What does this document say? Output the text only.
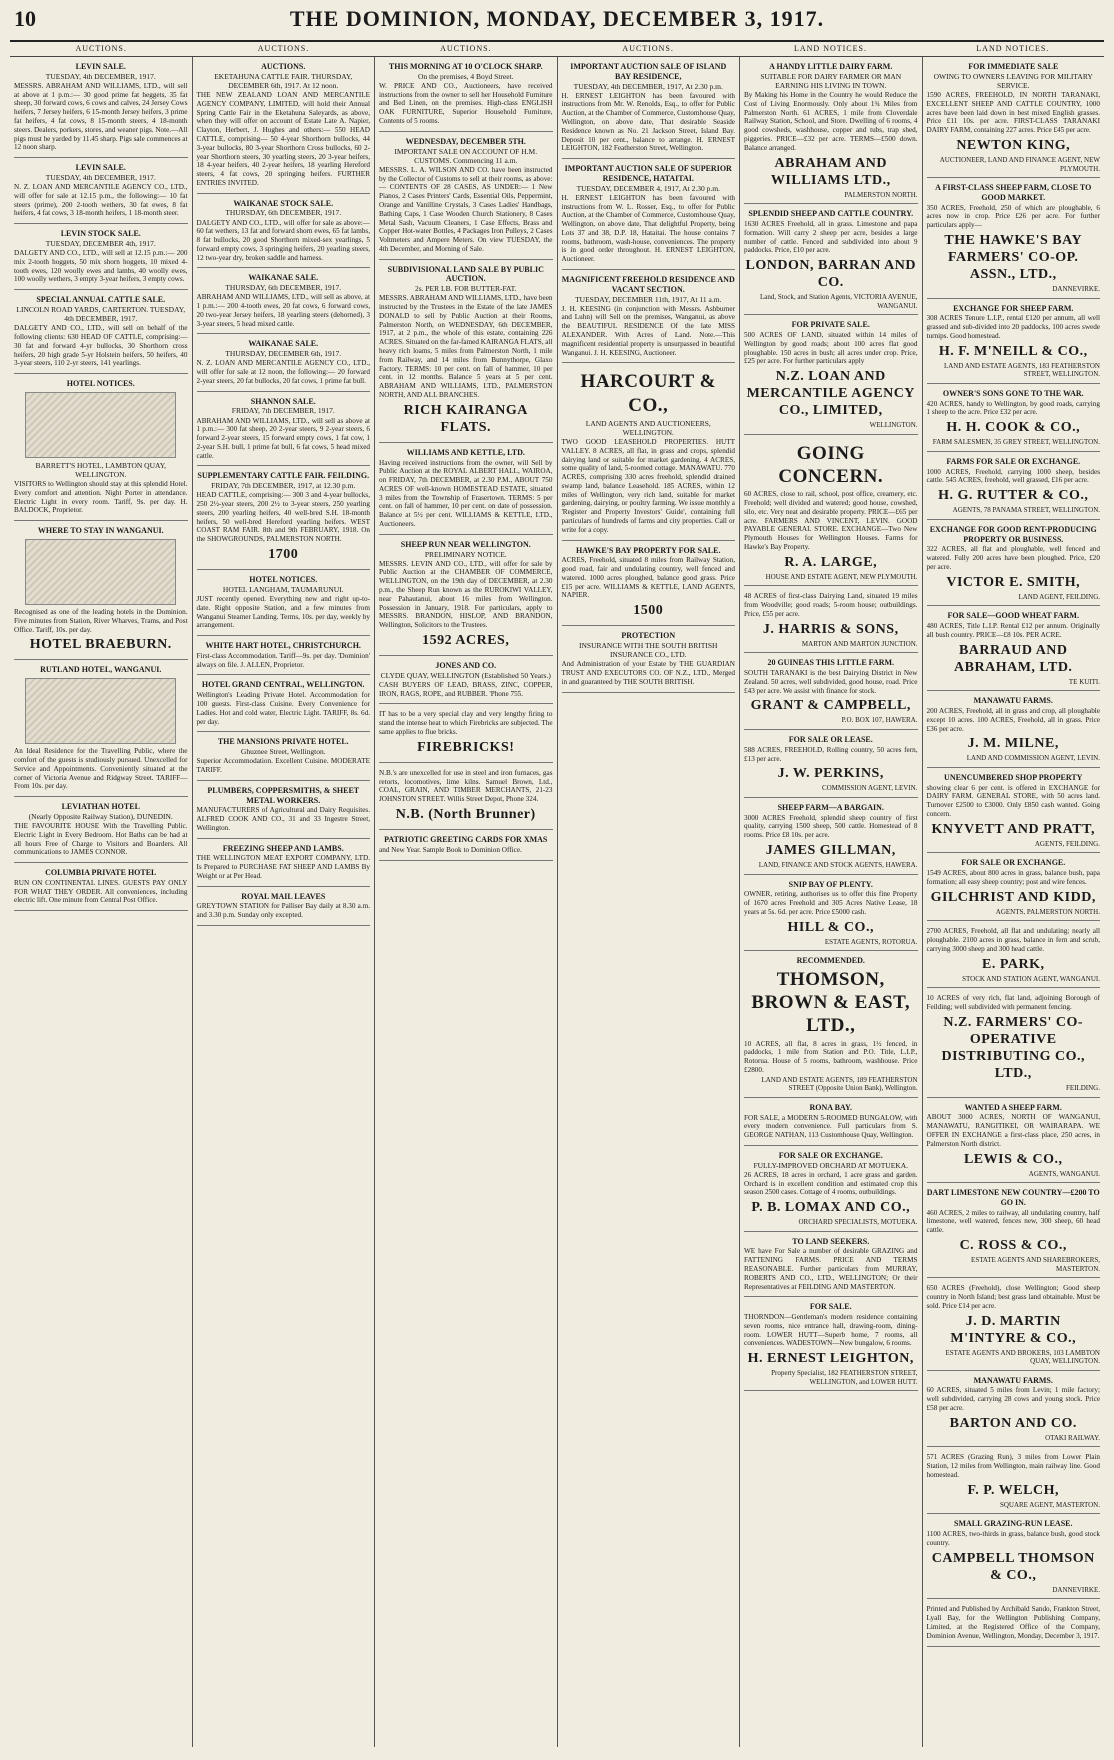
10	THE DOMINION, MONDAY, DECEMBER 3, 1917.
AUCTIONS.	AUCTIONS.	AUCTIONS.	AUCTIONS.	LAND NOTICES.	LAND NOTICES.
LEVIN SALE.
TUESDAY, 4th DECEMBER, 1917.

MESSRS. ABRAHAM AND WILLIAMS, LTD., will sell at above at 1 p.m.:— 30 good prime fat heggets, 35 fat sheep, 30 forward cows, 6 cows and calves, 24 Jersey Cows heifers, 7 Jersey heifers, 6 15-month Jersey heifers, 3 prime fat heifers, 4 fat cows, 8 15-month steers, 4 18-month steers. Dealers, porkers, stores, and weaner pigs. Note.—All pigs must be yarded by 11.45 sharp. Pigs sale commences at 12 noon sharp.

LEVIN SALE.
TUESDAY, 4th DECEMBER, 1917.

N. Z. LOAN AND MERCANTILE AGENCY CO., LTD., will offer for sale at 12.15 p.m., the following:— 10 fat steers (prime), 200 2-tooth wethers, 30 fat ewes, 8 fat heifers, 4 fat cows, 3 18-month heifers, 1 18-month steer.

LEVIN STOCK SALE.
TUESDAY, DECEMBER 4th, 1917.

DALGETY AND CO., LTD., will sell at 12.15 p.m.:— 200 mix 2-tooth hoggets, 50 mix shorn hoggets, 10 mixed 4-tooth ewes, 120 woolly ewes and lambs, 40 woolly ewes, 100 woolly wethers, 3 empty 3-year heifers, 3 empty cows.

SPECIAL ANNUAL CATTLE SALE.
LINCOLN ROAD YARDS, CARTERTON. TUESDAY, 4th DECEMBER, 1917.

DALGETY AND CO., LTD., will sell on behalf of the following clients: 630 HEAD OF CATTLE, comprising:— 30 fat and forward 4-yr bullocks, 30 Shorthorn cross heifers, 20 high grade 5-yr Holstein heifers, 50 heifers, 40 3-year steers, 110 2-yr steers, 141 yearlings.

HOTEL NOTICES.
BARRETT'S HOTEL, LAMBTON QUAY, WELLINGTON.

VISITORS to Wellington should stay at this splendid Hotel. Every comfort and attention. Night Porter in attendance. Electric Light in every room. Tariff, 9s. per day. H. BALDOCK, Proprietor.

WHERE TO STAY IN WANGANUI.

Recognised as one of the leading hotels in the Dominion. Five minutes from Station, River Wharves, Trams, and Post Office. Tariff, 10s. per day.

HOTEL BRAEBURN.
RUTLAND HOTEL, WANGANUI.

An Ideal Residence for the Travelling Public, where the comfort of the guests is studiously pursued. Unexcelled for Service and Appointments. Conveniently situated at the corner of Victoria Avenue and Ridgway Street. TARIFF—From 10s. per day.

LEVIATHAN HOTEL
(Nearly Opposite Railway Station), DUNEDIN.

THE FAVOURITE HOUSE With the Travelling Public. Electric Light in Every Bedroom. Hot Baths can be had at all hours Free of Charge to Visitors and Boarders. All communications to JAMES CONNOR.

COLUMBIA PRIVATE HOTEL

RUN ON CONTINENTAL LINES. GUESTS PAY ONLY FOR WHAT THEY ORDER. All conveniences, including electric lift. One minute from Central Post Office.

AUCTIONS.
EKETAHUNA CATTLE FAIR. THURSDAY, DECEMBER 6th, 1917. At 12 noon.

THE NEW ZEALAND LOAN AND MERCANTILE AGENCY COMPANY, LIMITED, will hold their Annual Spring Cattle Fair in the Eketahuna Saleyards, as above, when they will offer on account of Estate Late A. Napier, Clayton, Herbert, J. Hughes and others:— 550 HEAD CATTLE, comprising— 50 4-year Shorthorn bullocks, 44 3-year bullocks, 80 3-year Shorthorn Cross bullocks, 60 2-year Shorthorn steers, 30 yearling steers, 20 3-year heifers, 18 4-year heifers, 40 2-year heifers, 18 yearling Hereford steers, 4 fat cows, 20 springing heifers. FURTHER ENTRIES INVITED.

WAIKANAE STOCK SALE.
THURSDAY, 6th DECEMBER, 1917.

DALGETY AND CO., LTD., will offer for sale as above:— 60 fat wethers, 13 fat and forward shorn ewes, 65 fat lambs, 8 fat bullocks, 20 good Shorthorn mixed-sex yearlings, 5 forward empty cows, 3 springing heifers, 20 yearling steers, 12 two-year dry, broken saddle and harness.

WAIKANAE SALE.
THURSDAY, 6th DECEMBER, 1917.

ABRAHAM AND WILLIAMS, LTD., will sell as above, at 1 p.m.:— 200 4-tooth ewes, 20 fat cows, 6 forward cows, 20 two-year Jersey heifers, 18 yearling steers (dehorned), 3 3-year steers, 5 head mixed cattle.

WAIKANAE SALE.
THURSDAY, DECEMBER 6th, 1917.

N. Z. LOAN AND MERCANTILE AGENCY CO., LTD., will offer for sale at 12 noon, the following:— 20 forward 2-year steers, 20 fat bullocks, 20 fat cows, 1 prime fat bull.

SHANNON SALE.
FRIDAY, 7th DECEMBER, 1917.

ABRAHAM AND WILLIAMS, LTD., will sell as above at 1 p.m.:— 300 fat sheep, 20 2-year steers, 9 2-year steers, 6 forward 2-year steers, 15 forward empty cows, 1 fat cow, 1 2-year S.H. bull, 1 prime fat bull, 6 fat cows, 5 head mixed cattle.

SUPPLEMENTARY CATTLE FAIR. FEILDING.
FRIDAY, 7th DECEMBER, 1917, at 12.30 p.m.

HEAD CATTLE, comprising:— 300 3 and 4-year bullocks, 250 2½-year steers, 200 2½ to 3-year steers, 250 yearling steers, 200 yearling heifers, 40 well-bred S.H. 18-month heifers, 50 well-bred Hereford yearling heifers. WEST COAST RAM FAIR. 8th and 9th FEBRUARY, 1918. On the SHOWGROUNDS, PALMERSTON NORTH.

1700
HOTEL NOTICES.
HOTEL LANGHAM, TAUMARUNUI.

JUST recently opened. Everything new and right up-to-date. Right opposite Station, and a few minutes from Wanganui Steamer Landing. Terms, 10s. per day, weekly by arrangement.

WHITE HART HOTEL, CHRISTCHURCH.

First-class Accommodation. Tariff—9s. per day. 'Dominion' always on file. J. ALLEN, Proprietor.

HOTEL GRAND CENTRAL, WELLINGTON.

Wellington's Leading Private Hotel. Accommodation for 100 guests. First-class Cuisine. Every Convenience for Ladies. Hot and cold water, Electric Light. TARIFF, 8s. 6d. per day.

THE MANSIONS PRIVATE HOTEL.
Ghuznee Street, Wellington.

Superior Accommodation. Excellent Cuisine. MODERATE TARIFF.

PLUMBERS, COPPERSMITHS, & SHEET METAL WORKERS.

MANUFACTURERS of Agricultural and Dairy Requisites. ALFRED COOK AND CO., 31 and 33 Ingestre Street, Wellington.

FREEZING SHEEP AND LAMBS.

THE WELLINGTON MEAT EXPORT COMPANY, LTD. Is Prepared to PURCHASE FAT SHEEP AND LAMBS By Weight or at Per Head.

ROYAL MAIL LEAVES

GREYTOWN STATION for Palliser Bay daily at 8.30 a.m. and 3.30 p.m. Sunday only excepted.

THIS MORNING AT 10 O'CLOCK SHARP.
On the premises, 4 Boyd Street.

W. PRICE AND CO., Auctioneers, have received instructions from the owner to sell her Household Furniture and Bed Linen, on the premises. High-class ENGLISH OAK FURNITURE, Superior Household Furniture, Contents of 5 rooms.

WEDNESDAY, DECEMBER 5TH.
IMPORTANT SALE ON ACCOUNT OF H.M. CUSTOMS. Commencing 11 a.m.

MESSRS. L. A. WILSON AND CO. have been instructed by the Collector of Customs to sell at their rooms, as above:— CONTENTS OF 28 CASES, AS UNDER:— 1 New Pianos, 2 Cases Printers' Cards, Essential Oils, Peppermint, Orange and Vanilline Crystals, 3 Cases Ladies' Handbags, Bathing Caps, 1 Case Wooden Church Stationery, 8 Cases Metal Sash, Vacuum Cleaners, 1 Case Effects, Brass and Copper Hot-water Bottles, 4 Packages Iron Pulleys, 2 Cases Voltmeters and Ampere Meters. On view TUESDAY, the 4th December, and Morning of Sale.

SUBDIVISIONAL LAND SALE BY PUBLIC AUCTION.
2s. PER LB. FOR BUTTER-FAT.

MESSRS. ABRAHAM AND WILLIAMS, LTD., have been instructed by the Trustees in the Estate of the late JAMES DONALD to sell by Public Auction at their Rooms, Palmerston North, on WEDNESDAY, 6th DECEMBER, 1917, at 2 p.m., the whole of this estate, containing 226 ACRES. Situated on the far-famed KAIRANGA FLATS, all heavy rich loams, 5 miles from Palmerston North, 1 mile from Railway, and 14 miles from Bunnythorpe, Glaxo Factory. TERMS: 10 per cent. on fall of hammer, 10 per cent. in 12 months. Balance 5 years at 5 per cent. ABRAHAM AND WILLIAMS, LTD., PALMERSTON NORTH, AND ALL BRANCHES.

RICH KAIRANGA FLATS.
WILLIAMS AND KETTLE, LTD.

Having received instructions from the owner, will Sell by Public Auction at the ROYAL ALBERT HALL, WAIROA, on FRIDAY, 7th DECEMBER, at 2.30 P.M., ABOUT 750 ACRES OF well-known HOMESTEAD ESTATE, situated 3 miles from the Township of Frasertown. TERMS: 5 per cent. on fall of hammer, 10 per cent. on date of possession. Balance at 5½ per cent. WILLIAMS & KETTLE, LTD., Auctioneers.

SHEEP RUN NEAR WELLINGTON.
PRELIMINARY NOTICE.

MESSRS. LEVIN AND CO., LTD., will offer for sale by Public Auction at the CHAMBER OF COMMERCE, WELLINGTON, on the 19th day of DECEMBER, at 2.30 p.m., the Sheep Run known as the RUROKIWI VALLEY, near Pahautanui, about 16 miles from Wellington. Possession in January, 1918. For particulars, apply to MESSRS. BRANDON, HISLOP, AND BRANDON, Wellington, Solicitors to the Trustees.

1592 ACRES,
JONES AND CO.
CLYDE QUAY, WELLINGTON (Established 50 Years.)

CASH BUYERS OF LEAD, BRASS, ZINC, COPPER, IRON, RAGS, ROPE, and RUBBER. 'Phone 755.

IT has to be a very special clay and very lengthy firing to stand the intense heat to which Firebricks are subjected. The same applies to flue bricks.

FIREBRICKS!

N.B.'s are unexcelled for use in steel and iron furnaces, gas retorts, locomotives, lime kilns. Samuel Brown, Ltd., COAL, GRAIN, AND TIMBER MERCHANTS, 21-23 JOHNSTON STREET. Willis Street Depot, Phone 324.

N.B. (North Brunner)
PATRIOTIC GREETING CARDS FOR XMAS

and New Year. Sample Book to Dominion Office.

IMPORTANT AUCTION SALE OF ISLAND BAY RESIDENCE,
TUESDAY, 4th DECEMBER, 1917, At 2.30 p.m.

H. ERNEST LEIGHTON has been favoured with instructions from Mr. W. Renolds, Esq., to offer for Public Auction, at the Chamber of Commerce, Customhouse Quay, Wellington, on above date, That desirable Seaside Residence known as No. 21 Jackson Street, Island Bay. Deposit 10 per cent., balance to arrange. H. ERNEST LEIGHTON, 182 Featherston Street, Wellington.

IMPORTANT AUCTION SALE OF SUPERIOR RESIDENCE, HATAITAI.
TUESDAY, DECEMBER 4, 1917, At 2.30 p.m.

H. ERNEST LEIGHTON has been favoured with instructions from W. L. Rosser, Esq., to offer for Public Auction, at the Chamber of Commerce, Customhouse Quay, Wellington, on above date, That delightful Property, being Lots 37 and 38, D.P. 18, Hataitai. The house contains 7 rooms, bathroom, wash-house, conveniences. The property is in good order throughout. H. ERNEST LEIGHTON, Auctioneer.

MAGNIFICENT FREEHOLD RESIDENCE AND VACANT SECTION.
TUESDAY, DECEMBER 11th, 1917, At 11 a.m.

J. H. KEESING (in conjunction with Messrs. Ashburner and Luhn) will Sell on the premises, Wanganui, as above the BEAUTIFUL RESIDENCE Of the late MISS ALEXANDER. With Acres of Land. Note.—This magnificent residential property is unsurpassed in beautiful Wanganui. J. H. KEESING, Auctioneer.

HARCOURT & CO.,
LAND AGENTS AND AUCTIONEERS, WELLINGTON.

TWO GOOD LEASEHOLD PROPERTIES. HUTT VALLEY. 8 ACRES, all flat, in grass and crops, splendid dairying land or suitable for market gardening. 4 ACRES, some quality of land, 5-roomed cottage. MANAWATU. 770 ACRES, comprising 330 acres freehold, splendid drained swamp land, balance Leasehold. 185 ACRES, within 12 miles of Wellington, very rich land, suitable for market gardening, dairying, or poultry farming. We issue monthly a 'Register and Property Investors' Guide', containing full particulars of hundreds of farms and city properties. Call or write for a copy.

HAWKE'S BAY PROPERTY FOR SALE.

ACRES, Freehold, situated 8 miles from Railway Station, good road, fair and undulating country, well fenced and watered. 1000 acres ploughed, balance good grass. Price £15 per acre. WILLIAMS & KETTLE, LAND AGENTS, NAPIER.

1500
PROTECTION
INSURANCE WITH THE SOUTH BRITISH INSURANCE CO., LTD.

And Administration of your Estate by THE GUARDIAN TRUST AND EXECUTORS CO. OF N.Z., LTD., Merged in and guaranteed by THE SOUTH BRITISH.

A HANDY LITTLE DAIRY FARM.
SUITABLE FOR DAIRY FARMER OR MAN EARNING HIS LIVING IN TOWN.

By Making his Home in the Country he would Reduce the Cost of Living Enormously. Only about 1¾ Miles from Palmerston North. 61 ACRES, 1 mile from Cloverdale Railway Station, School, and Store. Dwelling of 6 rooms, 4 good cowsheds, washhouse, copper and tubs, trap shed, piggeries. PRICE—£32 per acre. TERMS—£500 down. Balance arranged.

ABRAHAM AND WILLIAMS LTD.,
PALMERSTON NORTH.
SPLENDID SHEEP AND CATTLE COUNTRY.

1630 ACRES Freehold, all in grass. Limestone and papa formation. Will carry 2 sheep per acre, besides a large number of cattle. Fenced and subdivided into about 9 paddocks. Price, £10 per acre.

LONDON, BARRAN AND CO.
Land, Stock, and Station Agents, VICTORIA AVENUE, WANGANUI.
FOR PRIVATE SALE.

500 ACRES OF LAND, situated within 14 miles of Wellington by good roads; about 100 acres flat good ploughable. 150 acres in bush; all acres under crop. Price, £25 per acre. For further particulars apply

N.Z. LOAN AND MERCANTILE AGENCY CO., LIMITED,
WELLINGTON.
GOING CONCERN.

60 ACRES, close to rail, school, post office, creamery, etc. Freehold; well divided and watered; good house, cowshed, silo, etc. Very neat and desirable property. PRICE—£65 per acre. FARMERS AND VINCENT, LEVIN. GOOD PAYABLE GENERAL STORE. EXCHANGE—Two New Plymouth Houses for Wellington Houses. Farms for Hawke's Bay Property.

R. A. LARGE,
HOUSE AND ESTATE AGENT, NEW PLYMOUTH.

48 ACRES of first-class Dairying Land, situated 19 miles from Woodville; good roads; 5-room house; outbuildings. Price, £55 per acre.

J. HARRIS & SONS,
MARTON AND MARTON JUNCTION.
20 GUINEAS THIS LITTLE FARM.

SOUTH TARANAKI is the best Dairying District in New Zealand. 50 acres, well subdivided, good house, road. Price £43 per acre. We assist with finance for stock.

GRANT & CAMPBELL,
P.O. BOX 107, HAWERA.
FOR SALE OR LEASE.

588 ACRES, FREEHOLD, Rolling country, 50 acres fern, £13 per acre.

J. W. PERKINS,
COMMISSION AGENT, LEVIN.
SHEEP FARM—A BARGAIN.

3000 ACRES Freehold, splendid sheep country of first quality, carrying 1500 sheep, 500 cattle. Homestead of 8 rooms. Price £8 10s. per acre.

JAMES GILLMAN,
LAND, FINANCE AND STOCK AGENTS, HAWERA.
SNIP BAY OF PLENTY.

OWNER, retiring, authorises us to offer this fine Property of 1670 acres Freehold and 305 Acres Native Lease, 18 years at 5s. 6d. per acre. Price £5000 cash.

HILL & CO.,
ESTATE AGENTS, ROTORUA.
RECOMMENDED.
THOMSON, BROWN & EAST, LTD.,

10 ACRES, all flat, 8 acres in grass, 1½ fenced, in paddocks, 1 mile from Station and P.O. Title, L.I.P., Rotorua. House of 5 rooms, bathroom, washhouse. Price £2800.

LAND AND ESTATE AGENTS, 189 FEATHERSTON STREET (Opposite Union Bank), Wellington.
RONA BAY.

FOR SALE, a MODERN 5-ROOMED BUNGALOW, with every modern convenience. Full particulars from S. GEORGE NATHAN, 113 Customhouse Quay, Wellington.

FOR SALE OR EXCHANGE.
FULLY-IMPROVED ORCHARD AT MOTUEKA.

26 ACRES, 18 acres in orchard, 1 acre grass and garden. Orchard is in excellent condition and estimated crop this season 2500 cases. Cottage of 4 rooms, outbuildings.

P. B. LOMAX AND CO.,
ORCHARD SPECIALISTS, MOTUEKA.
TO LAND SEEKERS.

WE have For Sale a number of desirable GRAZING and FATTENING FARMS. PRICE AND TERMS REASONABLE. Further particulars from MURRAY, ROBERTS AND CO., LTD., WELLINGTON; Or their Representatives at FEILDING AND MASTERTON.

FOR SALE.

THORNDON—Gentleman's modern residence containing seven rooms, nice entrance hall, drawing-room, dining-room. LOWER HUTT—Superb home, 7 rooms, all conveniences. WADESTOWN—New bungalow, 6 rooms.

H. ERNEST LEIGHTON,
Property Specialist, 182 FEATHERSTON STREET, WELLINGTON, and LOWER HUTT.
FOR IMMEDIATE SALE
OWING TO OWNERS LEAVING FOR MILITARY SERVICE.

1590 ACRES, FREEHOLD, IN NORTH TARANAKI, EXCELLENT SHEEP AND CATTLE COUNTRY, 1000 acres have been laid down in best mixed English grasses. Price £11 10s. per acre. FIRST-CLASS TARANAKI DAIRY FARM, containing 227 acres. Price £45 per acre.

NEWTON KING,
AUCTIONEER, LAND AND FINANCE AGENT, NEW PLYMOUTH.
A FIRST-CLASS SHEEP FARM, CLOSE TO GOOD MARKET.

350 ACRES, Freehold, 250 of which are ploughable, 6 acres now in crop. Price £26 per acre. For further particulars apply—

THE HAWKE'S BAY FARMERS' CO-OP. ASSN., LTD.,
DANNEVIRKE.
EXCHANGE FOR SHEEP FARM.

308 ACRES Tenure L.I.P., rental £120 per annum, all well grassed and sub-divided into 20 paddocks, 100 acres swede turnips. Good homestead.

H. F. M'NEILL & CO.,
LAND AND ESTATE AGENTS, 183 FEATHERSTON STREET, WELLINGTON.
OWNER'S SONS GONE TO THE WAR.

420 ACRES, handy to Wellington, by good roads, carrying 1 sheep to the acre. Price £32 per acre.

H. H. COOK & CO.,
FARM SALESMEN, 35 GREY STREET, WELLINGTON.
FARMS FOR SALE OR EXCHANGE.

1000 ACRES, Freehold, carrying 1000 sheep, besides cattle. 545 ACRES, freehold, well grassed, £16 per acre.

H. G. RUTTER & CO.,
AGENTS, 78 PANAMA STREET, WELLINGTON.
EXCHANGE FOR GOOD RENT-PRODUCING PROPERTY OR BUSINESS.

322 ACRES, all flat and ploughable, well fenced and watered. Fully 200 acres have been ploughed. Price, £20 per acre.

VICTOR E. SMITH,
LAND AGENT, FEILDING.
FOR SALE—GOOD WHEAT FARM.

480 ACRES, Title L.I.P. Rental £12 per annum. Originally all bush country. PRICE—£8 10s. PER ACRE.

BARRAUD AND ABRAHAM, LTD.
TE KUITI.
MANAWATU FARMS.

200 ACRES, Freehold, all in grass and crop, all ploughable except 10 acres. 100 ACRES, Freehold, all in grass. Price £36 per acre.

J. M. MILNE,
LAND AND COMMISSION AGENT, LEVIN.
UNENCUMBERED SHOP PROPERTY

showing clear 6 per cent. is offered in EXCHANGE for DAIRY FARM. GENERAL STORE, with 50 acres land. Turnover £2500 to £3000. Only £850 cash wanted. Going concern.

KNYVETT AND PRATT,
AGENTS, FEILDING.
FOR SALE OR EXCHANGE.

1549 ACRES, about 800 acres in grass, balance bush, papa formation; all easy sheep country; post and wire fences.

GILCHRIST AND KIDD,
AGENTS, PALMERSTON NORTH.

2700 ACRES, Freehold, all flat and undulating; nearly all ploughable. 2100 acres in grass, balance in fern and scrub, carrying 3000 sheep and 300 head cattle.

E. PARK,
STOCK AND STATION AGENT, WANGANUI.

10 ACRES of very rich, flat land, adjoining Borough of Feilding; well subdivided with permanent fencing.

N.Z. FARMERS' CO-OPERATIVE DISTRIBUTING CO., LTD.,
FEILDING.
WANTED A SHEEP FARM.

ABOUT 3000 ACRES, NORTH OF WANGANUI, MANAWATU, RANGITIKEI, OR WAIRARAPA. WE OFFER IN EXCHANGE a first-class place, 250 acres, in Palmerston North district.

LEWIS & CO.,
AGENTS, WANGANUI.
DART LIMESTONE NEW COUNTRY—£200 TO GO IN.

460 ACRES, 2 miles to railway, all undulating country, half limestone, well watered, fences new, 300 sheep, 60 head cattle.

C. ROSS & CO.,
ESTATE AGENTS AND SHAREBROKERS, MASTERTON.

650 ACRES (Freehold), close Wellington; Good sheep country in North Island; best grass land obtainable. Must be sold. Price £14 per acre.

J. D. MARTIN M'INTYRE & CO.,
ESTATE AGENTS AND BROKERS, 103 LAMBTON QUAY, WELLINGTON.
MANAWATU FARMS.

60 ACRES, situated 5 miles from Levin; 1 mile factory; well subdivided, carrying 28 cows and young stock. Price £58 per acre.

BARTON AND CO.
OTAKI RAILWAY.

571 ACRES (Grazing Run), 3 miles from Lower Plain Station, 12 miles from Wellington, main railway line. Good homestead.

F. P. WELCH,
SQUARE AGENT, MASTERTON.
SMALL GRAZING-RUN LEASE.

1100 ACRES, two-thirds in grass, balance bush, good stock country.

CAMPBELL THOMSON & CO.,
DANNEVIRKE.

Printed and Published by Archibald Sando, Frankton Street, Lyall Bay, for the Wellington Publishing Company, Limited, at the Registered Office of the Company, Dominion Avenue, Wellington, Monday, December 3, 1917.
